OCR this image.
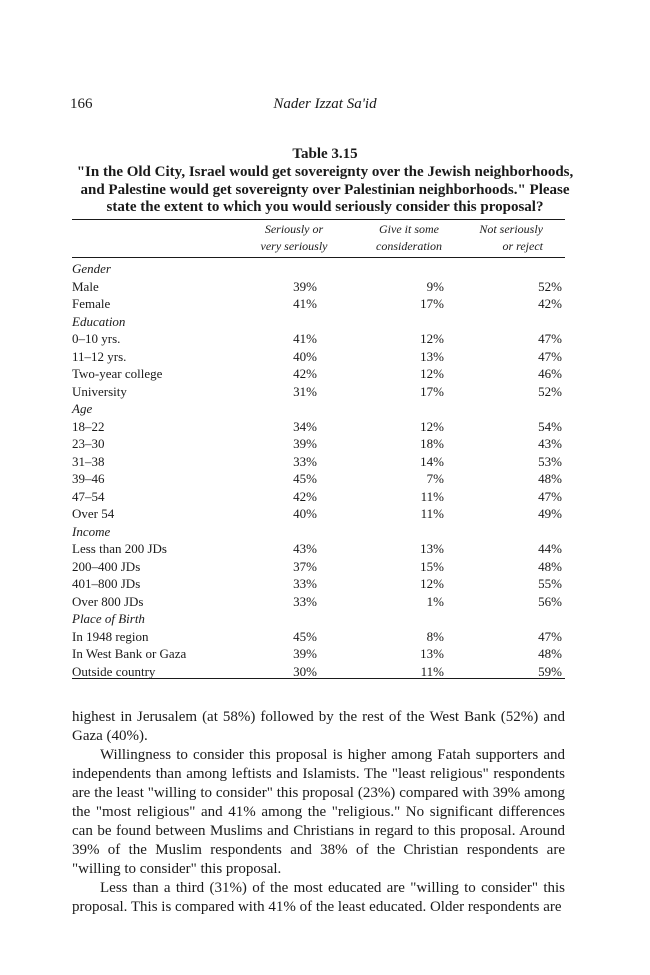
166	Nader Izzat Sa'id
Table 3.15
"In the Old City, Israel would get sovereignty over the Jewish neighborhoods, and Palestine would get sovereignty over Palestinian neighborhoods." Please state the extent to which you would seriously consider this proposal?
Seriously or
very seriously
Give it some
consideration
Not seriously
or reject
Gender
Male	39%	9%	52%
Female	41%	17%	42%
Education
0–10 yrs.	41%	12%	47%
11–12 yrs.	40%	13%	47%
Two-year college	42%	12%	46%
University	31%	17%	52%
Age
18–22	34%	12%	54%
23–30	39%	18%	43%
31–38	33%	14%	53%
39–46	45%	7%	48%
47–54	42%	11%	47%
Over 54	40%	11%	49%
Income
Less than 200 JDs	43%	13%	44%
200–400 JDs	37%	15%	48%
401–800 JDs	33%	12%	55%
Over 800 JDs	33%	1%	56%
Place of Birth
In 1948 region	45%	8%	47%
In West Bank or Gaza	39%	13%	48%
Outside country	30%	11%	59%

highest in Jerusalem (at 58%) followed by the rest of the West Bank (52%) and Gaza (40%).

Willingness to consider this proposal is higher among Fatah supporters and independents than among leftists and Islamists. The "least religious" respondents are the least "willing to consider" this proposal (23%) compared with 39% among the "most religious" and 41% among the "religious." No significant differences can be found between Muslims and Christians in regard to this proposal. Around 39% of the Muslim respondents and 38% of the Christian respondents are "willing to consider" this proposal.

Less than a third (31%) of the most educated are "willing to consider" this proposal. This is compared with 41% of the least educated. Older respondents are
